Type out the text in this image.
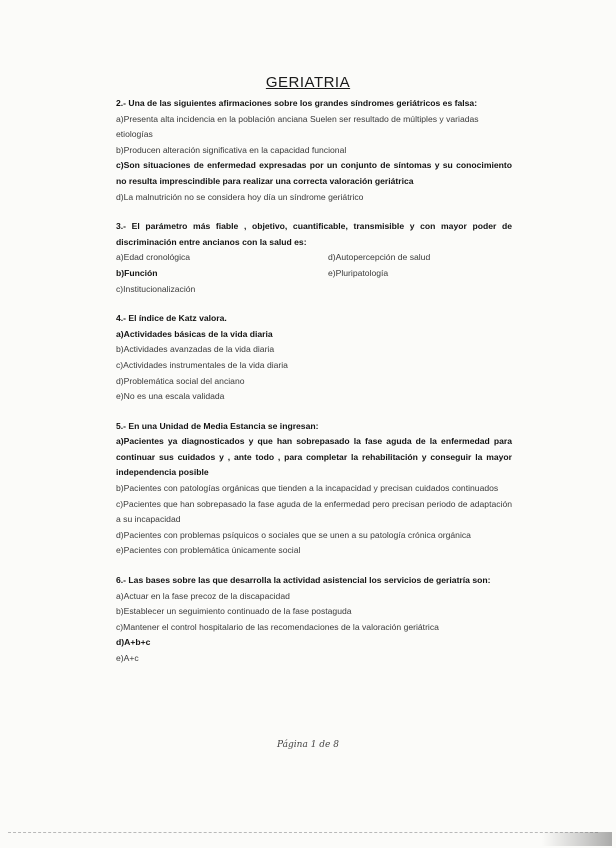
GERIATRIA
2.- Una de las siguientes afirmaciones sobre los grandes síndromes geriátricos es falsa:
a)Presenta alta incidencia en la población anciana Suelen ser resultado de múltiples y variadas etiologías
b)Producen alteración significativa en la capacidad funcional
c)Son situaciones de enfermedad expresadas por un conjunto de síntomas y su conocimiento no resulta imprescindible para realizar una correcta valoración geriátrica
d)La malnutrición no se considera hoy día un síndrome geriátrico
3.- El parámetro más fiable , objetivo, cuantificable, transmisible y con mayor poder de discriminación entre ancianos con la salud es:
a)Edad cronológica	d)Autopercepción de salud
b)Función	e)Pluripatología
c)Institucionalización
4.- El índice de Katz valora.
a)Actividades básicas de la vida diaria
b)Actividades avanzadas de la vida diaria
c)Actividades instrumentales de la vida diaria
d)Problemática social del anciano
e)No es una escala validada
5.- En una Unidad de Media Estancia se ingresan:
a)Pacientes ya diagnosticados y que han sobrepasado la fase aguda de la enfermedad para continuar sus cuidados y , ante todo , para completar la rehabilitación y conseguir la mayor independencia posible
b)Pacientes con patologías orgánicas que tienden a la incapacidad y precisan cuidados continuados
c)Pacientes que han sobrepasado la fase aguda de la enfermedad pero precisan periodo de adaptación a su incapacidad
d)Pacientes con problemas psíquicos o sociales que se unen a su patología crónica orgánica
e)Pacientes con problemática únicamente social
6.- Las bases sobre las que desarrolla la actividad asistencial los servicios de geriatría son:
a)Actuar en la fase precoz de la discapacidad
b)Establecer un seguimiento continuado de la fase postaguda
c)Mantener el control hospitalario de las recomendaciones de la valoración geriátrica
d)A+b+c
e)A+c
Página 1 de 8
